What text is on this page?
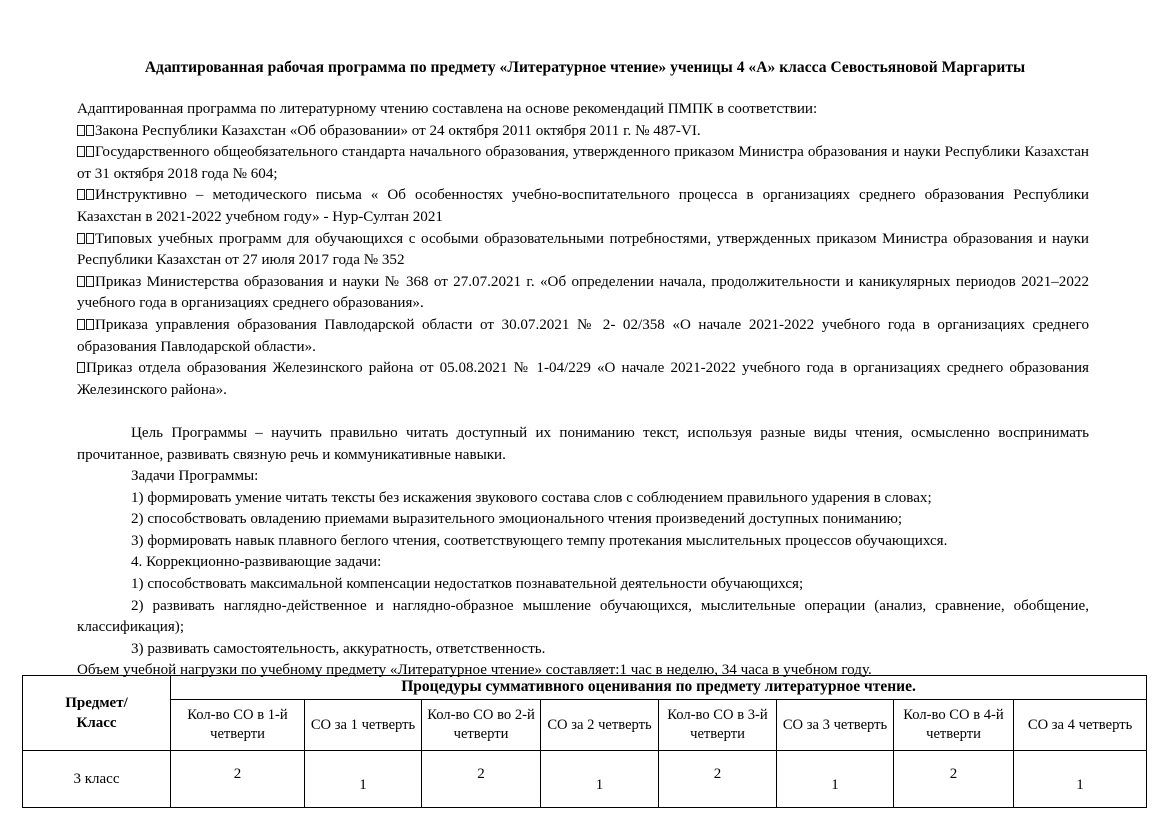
Адаптированная рабочая программа по предмету «Литературное чтение» ученицы 4 «А» класса Севостьяновой Маргариты

Адаптированная программа по литературному чтению составлена на основе рекомендаций ПМПК в соответствии:

Закона Республики Казахстан «Об образовании» от 24 октября 2011 октября 2011 г. № 487-VI.

Государственного общеобязательного стандарта начального образования, утвержденного приказом Министра образования и науки Республики Казахстан от 31 октября 2018 года № 604;

Инструктивно – методического письма « Об особенностях учебно-воспитательного процесса в организациях среднего образования Республики Казахстан в 2021-2022 учебном году» - Нур-Султан 2021

Типовых учебных программ для обучающихся с особыми образовательными потребностями, утвержденных приказом Министра образования и науки Республики Казахстан от 27 июля 2017 года № 352

Приказ Министерства образования и науки № 368 от 27.07.2021 г. «Об определении начала, продолжительности и каникулярных периодов 2021–2022 учебного года в организациях среднего образования».

Приказа управления образования Павлодарской области от 30.07.2021 № 2- 02/358 «О начале 2021-2022 учебного года в организациях среднего образования Павлодарской области».

Приказ отдела образования Железинского района от 05.08.2021 № 1-04/229 «О начале 2021-2022 учебного года в организациях среднего образования Железинского района».

Цель Программы – научить правильно читать доступный их пониманию текст, используя разные виды чтения, осмысленно воспринимать прочитанное, развивать связную речь и коммуникативные навыки.

Задачи Программы:

1) формировать умение читать тексты без искажения звукового состава слов с соблюдением правильного ударения в словах;

2) способствовать овладению приемами выразительного эмоционального чтения произведений доступных пониманию;

3) формировать навык плавного беглого чтения, соответствующего темпу протекания мыслительных процессов обучающихся.

4. Коррекционно-развивающие задачи:

1) способствовать максимальной компенсации недостатков познавательной деятельности обучающихся;

2) развивать наглядно-действенное и наглядно-образное мышление обучающихся, мыслительные операции (анализ, сравнение, обобщение, классификация);

3) развивать самостоятельность, аккуратность, ответственность.

Объем учебной нагрузки по учебному предмету «Литературное чтение» составляет:1 час в неделю, 34 часа в учебном году.

Предмет/
Класс	Процедуры суммативного оценивания по предмету литературное чтение.							
	Кол-во СО в 1-й четверти	СО за 1 четверть	Кол-во СО во 2-й четверти	СО за 2 четверть	Кол-во СО в 3-й четверти	СО за 3 четверть	Кол-во СО в 4-й четверти	СО за 4 четверть
3 класс	2	1	2	1	2	1	2	1
